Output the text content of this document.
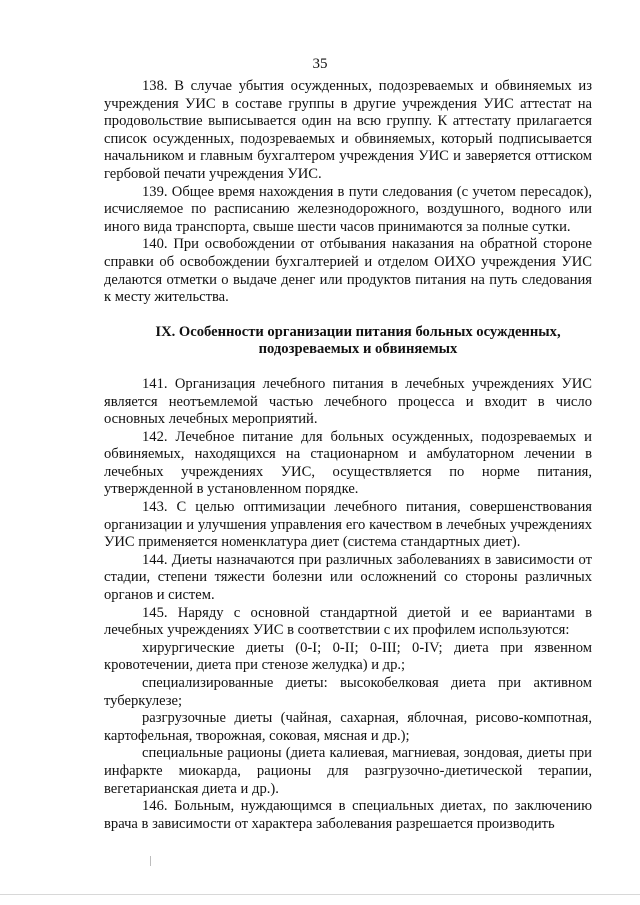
35

138. В случае убытия осужденных, подозреваемых и обвиняемых из учреждения УИС в составе группы в другие учреждения УИС аттестат на продовольствие выписывается один на всю группу. К аттестату прилагается список осужденных, подозреваемых и обвиняемых, который подписывается начальником и главным бухгалтером учреждения УИС и заверяется оттиском гербовой печати учреждения УИС.

139. Общее время нахождения в пути следования (с учетом пересадок), исчисляемое по расписанию железнодорожного, воздушного, водного или иного вида транспорта, свыше шести часов принимаются за полные сутки.

140. При освобождении от отбывания наказания на обратной стороне справки об освобождении бухгалтерией и отделом ОИХО учреждения УИС делаются отметки о выдаче денег или продуктов питания на путь следования к месту жительства.

IX. Особенности организации питания больных осужденных,
подозреваемых и обвиняемых

141. Организация лечебного питания в лечебных учреждениях УИС является неотъемлемой частью лечебного процесса и входит в число основных лечебных мероприятий.

142. Лечебное питание для больных осужденных, подозреваемых и обвиняемых, находящихся на стационарном и амбулаторном лечении в лечебных учреждениях УИС, осуществляется по норме питания, утвержденной в установленном порядке.

143. С целью оптимизации лечебного питания, совершенствования организации и улучшения управления его качеством в лечебных учреждениях УИС применяется номенклатура диет (система стандартных диет).

144. Диеты назначаются при различных заболеваниях в зависимости от стадии, степени тяжести болезни или осложнений со стороны различных органов и систем.

145. Наряду с основной стандартной диетой и ее вариантами в лечебных учреждениях УИС в соответствии с их профилем используются:

хирургические диеты (0-I; 0-II; 0-III; 0-IV; диета при язвенном кровотечении, диета при стенозе желудка) и др.;

специализированные диеты: высокобелковая диета при активном туберкулезе;

разгрузочные диеты (чайная, сахарная, яблочная, рисово-компотная, картофельная, творожная, соковая, мясная и др.);

специальные рационы (диета калиевая, магниевая, зондовая, диеты при инфаркте миокарда, рационы для разгрузочно-диетической терапии, вегетарианская диета и др.).

146. Больным, нуждающимся в специальных диетах, по заключению врача в зависимости от характера заболевания разрешается производить
